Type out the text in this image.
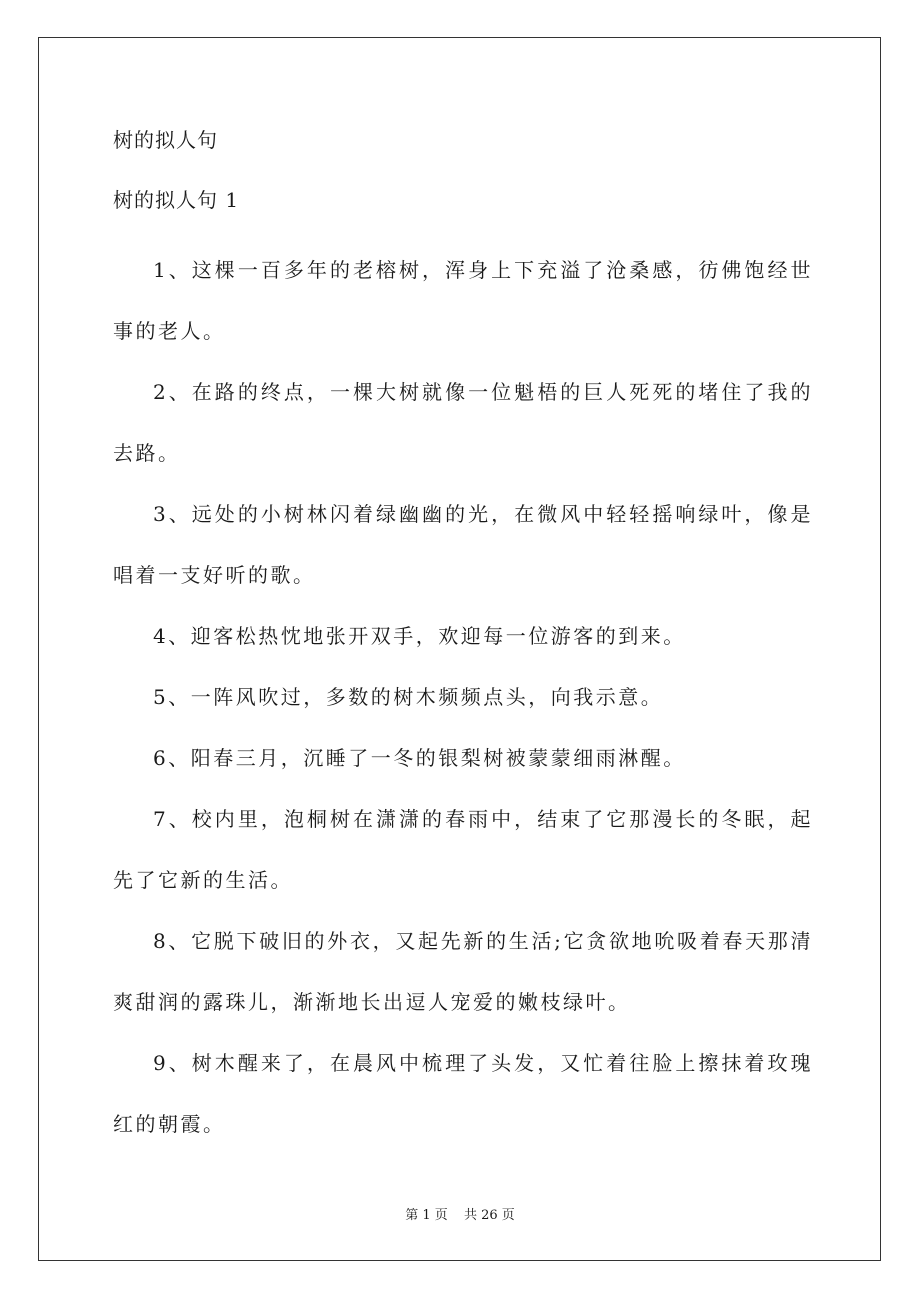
树的拟人句
树的拟人句 1

1、这棵一百多年的老榕树，浑身上下充溢了沧桑感，彷佛饱经世事的老人。

2、在路的终点，一棵大树就像一位魁梧的巨人死死的堵住了我的去路。

3、远处的小树林闪着绿幽幽的光，在微风中轻轻摇响绿叶，像是唱着一支好听的歌。

4、迎客松热忱地张开双手，欢迎每一位游客的到来。

5、一阵风吹过，多数的树木频频点头，向我示意。

6、阳春三月，沉睡了一冬的银梨树被蒙蒙细雨淋醒。

7、校内里，泡桐树在潇潇的春雨中，结束了它那漫长的冬眠，起先了它新的生活。

8、它脱下破旧的外衣，又起先新的生活;它贪欲地吮吸着春天那清爽甜润的露珠儿，渐渐地长出逗人宠爱的嫩枝绿叶。

9、树木醒来了，在晨风中梳理了头发，又忙着往脸上擦抹着玫瑰红的朝霞。

第 1 页 共 26 页
